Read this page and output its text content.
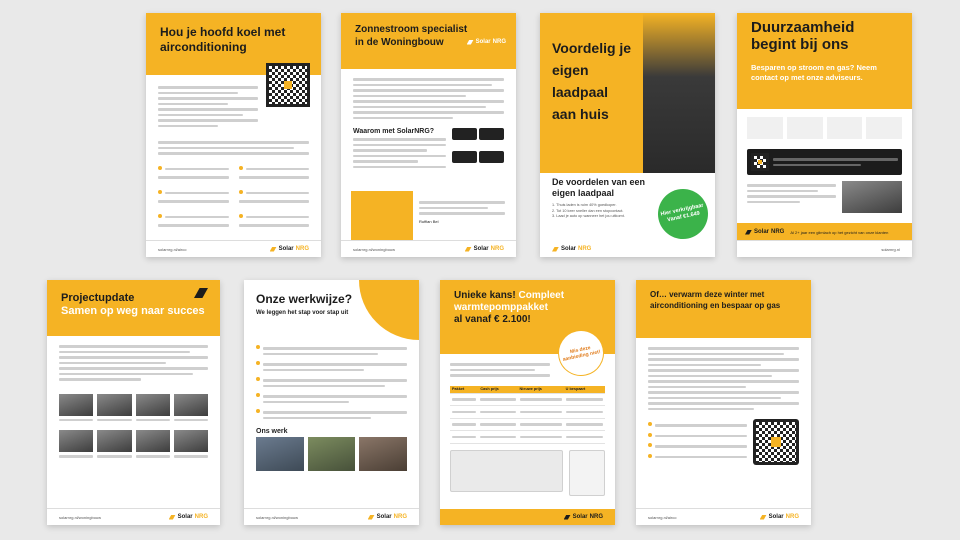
Hou je hoofd koel met airconditioning
solarnrg.nl/airco	Solar NRG
Zonnestroom specialist in de Woningbouw	Solar NRG
Waarom met SolarNRG?
Ruffian Bel
solarnrg.nl/woningbouw	Solar NRG
Voordelig je eigen laadpaal aan huis
De voordelen van een eigen laadpaal
1. Thuis laden is ruim 40% goedkoper.
2. Tot 10 keer sneller dan een stopcontact.
3. Laad je auto op wanneer het jou uitkomt.	Hier verkrijgbaar Vanaf €1.649
Solar NRG
Duurzaamheid begint bij ons
Besparen op stroom en gas? Neem contact op met onze adviseurs.
Solar NRG Al 2+ jaar een glimlach op het gezicht van onze klanten
solarnrg.nl
Projectupdate
Samen op weg naar succes
solarnrg.nl/woningbouw	Solar NRG
Onze werkwijze?
We leggen het stap voor stap uit
Ons werk
solarnrg.nl/woningbouw	Solar NRG
Unieke kans! Compleet warmtepomppakket
al vanaf € 2.100!
Mis deze aanbieding niet!
Pakket	Cash prijs	Nieuwe prijs	U bespaart

Solar NRG
Of… verwarm deze winter met airconditioning en bespaar op gas
solarnrg.nl/airco	Solar NRG
